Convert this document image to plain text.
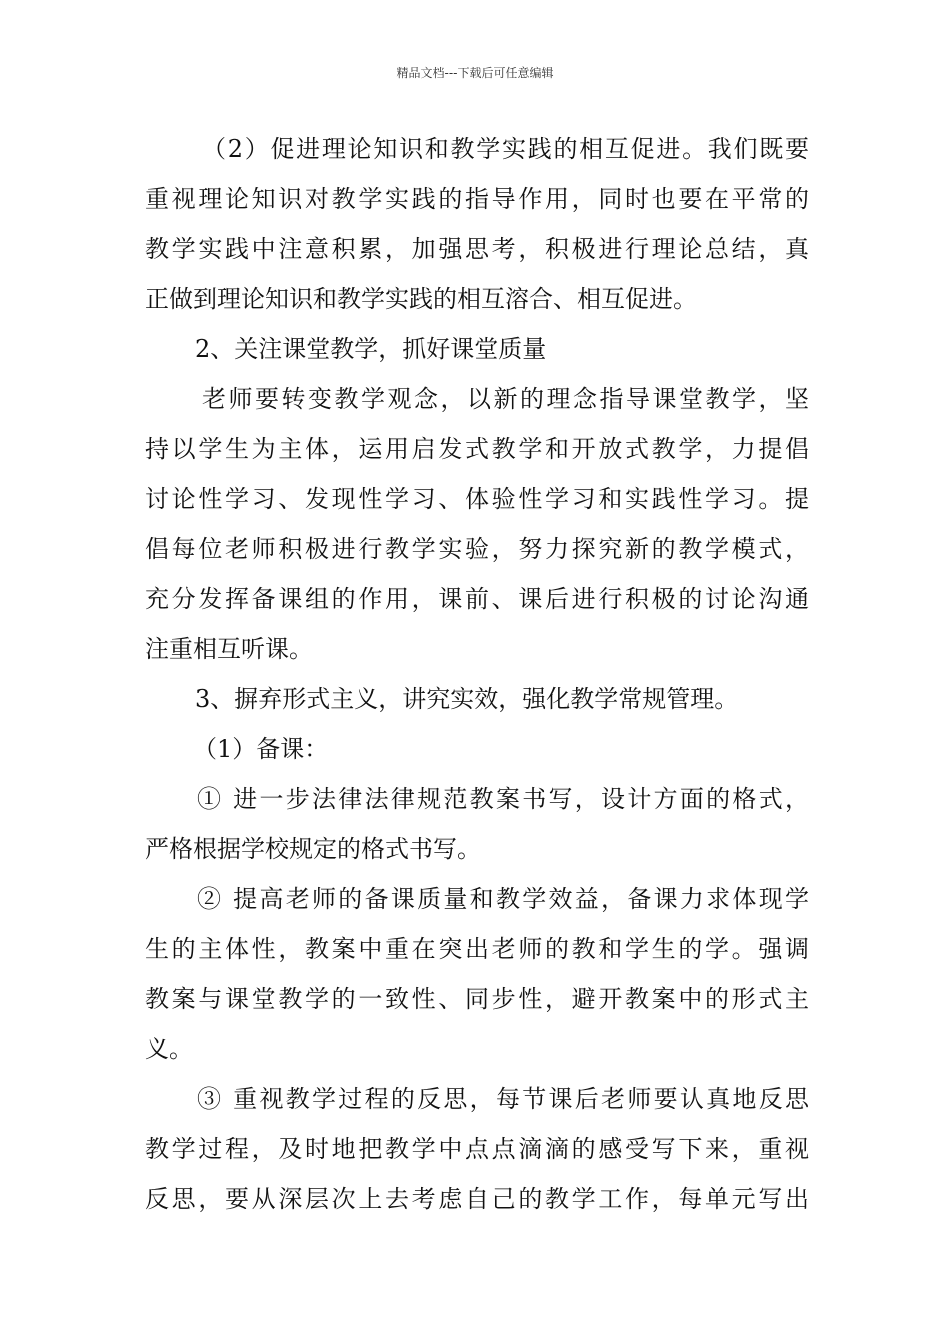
精品文档---下载后可任意编辑
（2）促进理论知识和教学实践的相互促进。我们既要
重视理论知识对教学实践的指导作用，同时也要在平常的
教学实践中注意积累，加强思考，积极进行理论总结，真
正做到理论知识和教学实践的相互溶合、相互促进。
2、关注课堂教学，抓好课堂质量
老师要转变教学观念，以新的理念指导课堂教学，坚
持以学生为主体，运用启发式教学和开放式教学，力提倡
讨论性学习、发现性学习、体验性学习和实践性学习。提
倡每位老师积极进行教学实验，努力探究新的教学模式，
充分发挥备课组的作用，课前、课后进行积极的讨论沟通
注重相互听课。
3、摒弃形式主义，讲究实效，强化教学常规管理。
（1）备课：
① 进一步法律法律规范教案书写，设计方面的格式，
严格根据学校规定的格式书写。
② 提高老师的备课质量和教学效益，备课力求体现学
生的主体性，教案中重在突出老师的教和学生的学。强调
教案与课堂教学的一致性、同步性，避开教案中的形式主
义。
③ 重视教学过程的反思，每节课后老师要认真地反思
教学过程，及时地把教学中点点滴滴的感受写下来，重视
反思，要从深层次上去考虑自己的教学工作，每单元写出
